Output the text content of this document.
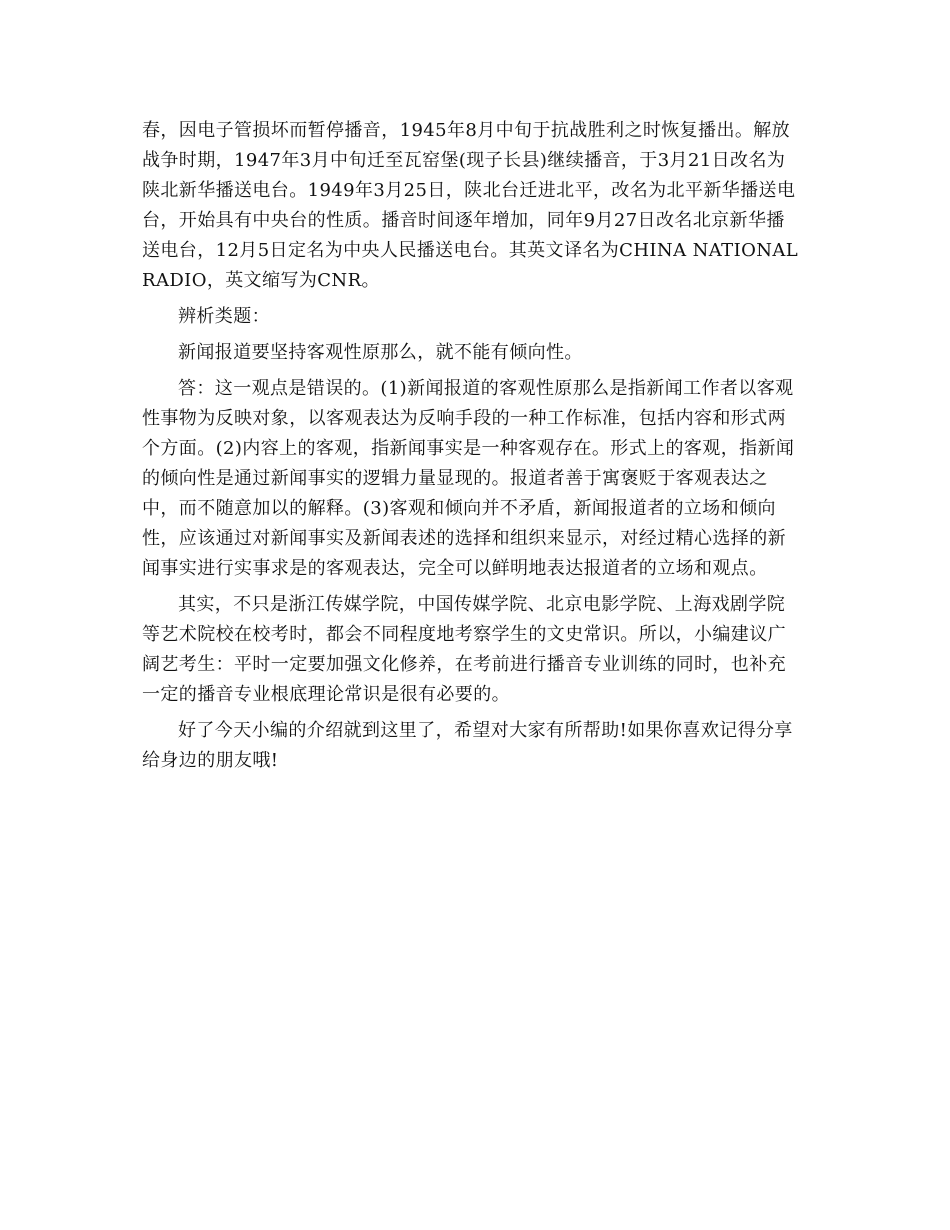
春，因电子管损坏而暂停播音，1945年8月中旬于抗战胜利之时恢复播出。解放
战争时期，1947年3月中旬迁至瓦窑堡(现子长县)继续播音，于3月21日改名为
陕北新华播送电台。1949年3月25日，陕北台迁进北平，改名为北平新华播送电
台，开始具有中央台的性质。播音时间逐年增加，同年9月27日改名北京新华播
送电台，12月5日定名为中央人民播送电台。其英文译名为CHINA NATIONAL
RADIO，英文缩写为CNR。
辨析类题：
新闻报道要坚持客观性原那么，就不能有倾向性。
答：这一观点是错误的。(1)新闻报道的客观性原那么是指新闻工作者以客观
性事物为反映对象，以客观表达为反响手段的一种工作标准，包括内容和形式两
个方面。(2)内容上的客观，指新闻事实是一种客观存在。形式上的客观，指新闻
的倾向性是通过新闻事实的逻辑力量显现的。报道者善于寓褒贬于客观表达之
中，而不随意加以的解释。(3)客观和倾向并不矛盾，新闻报道者的立场和倾向
性，应该通过对新闻事实及新闻表述的选择和组织来显示，对经过精心选择的新
闻事实进行实事求是的客观表达，完全可以鲜明地表达报道者的立场和观点。
其实，不只是浙江传媒学院，中国传媒学院、北京电影学院、上海戏剧学院
等艺术院校在校考时，都会不同程度地考察学生的文史常识。所以，小编建议广
阔艺考生：平时一定要加强文化修养，在考前进行播音专业训练的同时，也补充
一定的播音专业根底理论常识是很有必要的。
好了今天小编的介绍就到这里了，希望对大家有所帮助!如果你喜欢记得分享
给身边的朋友哦!
